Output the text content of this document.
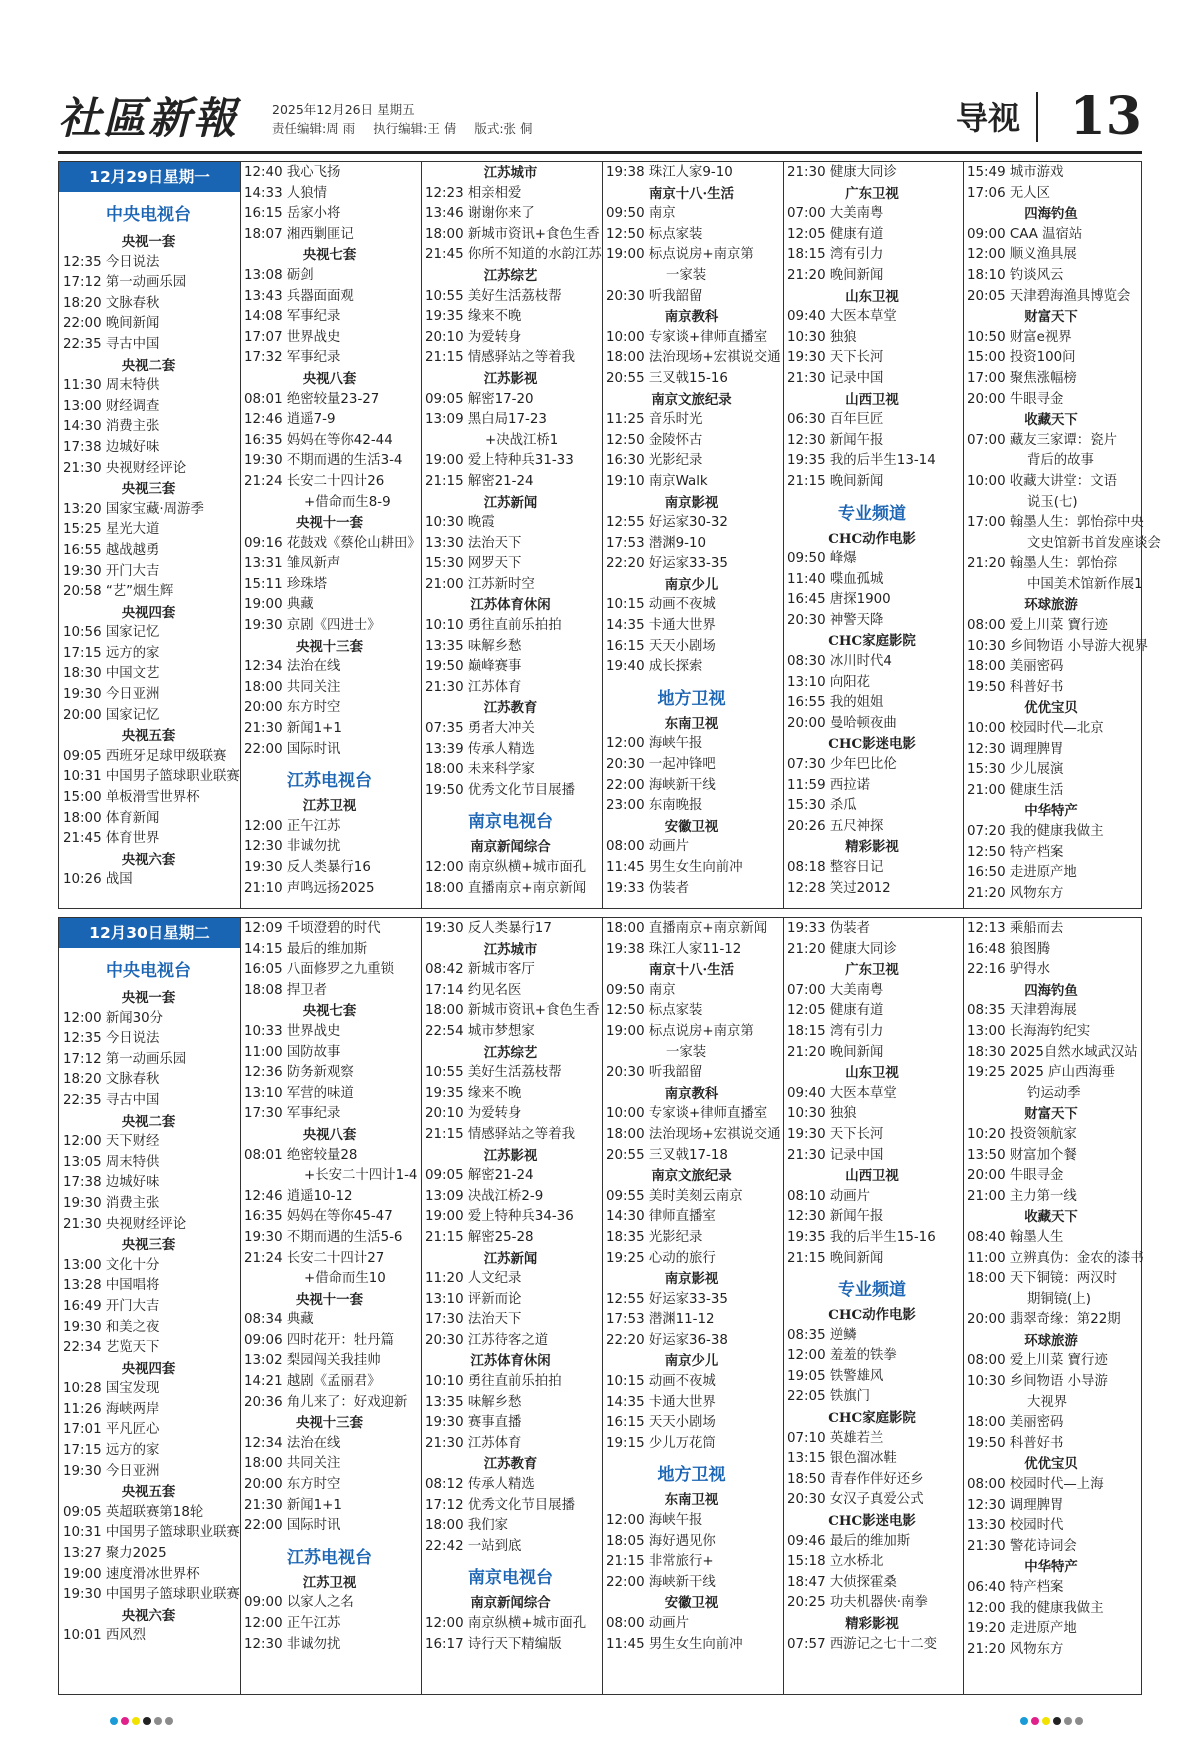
社區新報	2025年12月26日 星期五
责任编辑:周 雨 执行编辑:王 倩 版式:张 侗	导视 13
12月29日星期一
中央电视台
央视一套
12:35 今日说法
17:12 第一动画乐园
18:20 文脉春秋
22:00 晚间新闻
22:35 寻古中国
央视二套
11:30 周末特供
13:00 财经调查
14:30 消费主张
17:38 边城好味
21:30 央视财经评论
央视三套
13:20 国家宝藏·周游季
15:25 星光大道
16:55 越战越勇
19:30 开门大吉
20:58 “艺”烟生辉
央视四套
10:56 国家记忆
17:15 远方的家
18:30 中国文艺
19:30 今日亚洲
20:00 国家记忆
央视五套
09:05 西班牙足球甲级联赛
10:31 中国男子篮球职业联赛
15:00 单板滑雪世界杯
18:00 体育新闻
21:45 体育世界
央视六套
10:26 战国
12:40 我心飞扬
14:33 人狼情
16:15 岳家小将
18:07 湘西剿匪记
央视七套
13:08 砺剑
13:43 兵器面面观
14:08 军事纪录
17:07 世界战史
17:32 军事纪录
央视八套
08:01 绝密较量23-27
12:46 逍遥7-9
16:35 妈妈在等你42-44
19:30 不期而遇的生活3-4
21:24 长安二十四计26
+借命而生8-9
央视十一套
09:16 花鼓戏《蔡伦山耕田》
13:31 雏凤新声
15:11 珍珠塔
19:00 典藏
19:30 京剧《四进士》
央视十三套
12:34 法治在线
18:00 共同关注
20:00 东方时空
21:30 新闻1+1
22:00 国际时讯
江苏电视台
江苏卫视
12:00 正午江苏
12:30 非诚勿扰
19:30 反人类暴行16
21:10 声鸣远扬2025
江苏城市
12:23 相亲相爱
13:46 谢谢你来了
18:00 新城市资讯+食色生香
21:45 你所不知道的水韵江苏
江苏综艺
10:55 美好生活荔枝帮
19:35 缘来不晚
20:10 为爱转身
21:15 情感驿站之等着我
江苏影视
09:05 解密17-20
13:09 黑白局17-23
+决战江桥1
19:00 爱上特种兵31-33
21:15 解密21-24
江苏新闻
10:30 晚霞
13:30 法治天下
15:30 网罗天下
21:00 江苏新时空
江苏体育休闲
10:10 勇往直前乐拍拍
13:35 味解乡愁
19:50 巅峰赛事
21:30 江苏体育
江苏教育
07:35 勇者大冲关
13:39 传承人精选
18:00 未来科学家
19:50 优秀文化节目展播
南京电视台
南京新闻综合
12:00 南京纵横+城市面孔
18:00 直播南京+南京新闻
19:38 珠江人家9-10
南京十八·生活
09:50 南京
12:50 标点家装
19:00 标点说房+南京第
一家装
20:30 听我韶留
南京教科
10:00 专家谈+律师直播室
18:00 法治现场+宏祺说交通
20:55 三叉戟15-16
南京文旅纪录
11:25 音乐时光
12:50 金陵怀古
16:30 光影纪录
19:10 南京Walk
南京影视
12:55 好运家30-32
17:53 潜渊9-10
22:20 好运家33-35
南京少儿
10:15 动画不夜城
14:35 卡通大世界
16:15 天天小剧场
19:40 成长探索
地方卫视
东南卫视
12:00 海峡午报
20:30 一起冲锋吧
22:00 海峡新干线
23:00 东南晚报
安徽卫视
08:00 动画片
11:45 男生女生向前冲
19:33 伪装者
21:30 健康大同诊
广东卫视
07:00 大美南粤
12:05 健康有道
18:15 湾有引力
21:20 晚间新闻
山东卫视
09:40 大医本草堂
10:30 独狼
19:30 天下长河
21:30 记录中国
山西卫视
06:30 百年巨匠
12:30 新闻午报
19:35 我的后半生13-14
21:15 晚间新闻
专业频道
CHC动作电影
09:50 峰爆
11:40 喋血孤城
16:45 唐探1900
20:30 神警天降
CHC家庭影院
08:30 冰川时代4
13:10 向阳花
16:55 我的姐姐
20:00 曼哈顿夜曲
CHC影迷电影
07:30 少年巴比伦
11:59 西拉诺
15:30 杀瓜
20:26 五尺神探
精彩影视
08:18 整容日记
12:28 笑过2012
15:49 城市游戏
17:06 无人区
四海钓鱼
09:00 CAA 温宿站
12:00 顺义渔具展
18:10 钓谈风云
20:05 天津碧海渔具博览会
财富天下
10:50 财富e视界
15:00 投资100问
17:00 聚焦涨幅榜
20:00 牛眼寻金
收藏天下
07:00 藏友三家谭：瓷片
背后的故事
10:00 收藏大讲堂：文语
说玉(七)
17:00 翰墨人生：郭怡孮中央
文史馆新书首发座谈会
21:20 翰墨人生：郭怡孮
中国美术馆新作展1
环球旅游
08:00 爱上川菜 寶行迹
10:30 乡间物语 小导游大视界
18:00 美丽密码
19:50 科普好书
优优宝贝
10:00 校园时代—北京
12:30 调理脾胃
15:30 少儿展演
21:00 健康生活
中华特产
07:20 我的健康我做主
12:50 特产档案
16:50 走进原产地
21:20 风物东方
12月30日星期二
中央电视台
央视一套
12:00 新闻30分
12:35 今日说法
17:12 第一动画乐园
18:20 文脉春秋
22:35 寻古中国
央视二套
12:00 天下财经
13:05 周末特供
17:38 边城好味
19:30 消费主张
21:30 央视财经评论
央视三套
13:00 文化十分
13:28 中国唱将
16:49 开门大吉
19:30 和美之夜
22:34 艺览天下
央视四套
10:28 国宝发现
11:26 海峡两岸
17:01 平凡匠心
17:15 远方的家
19:30 今日亚洲
央视五套
09:05 英超联赛第18轮
10:31 中国男子篮球职业联赛
13:27 聚力2025
19:00 速度滑冰世界杯
19:30 中国男子篮球职业联赛
央视六套
10:01 西风烈
12:09 千顷澄碧的时代
14:15 最后的维加斯
16:05 八面修罗之九重锁
18:08 捍卫者
央视七套
10:33 世界战史
11:00 国防故事
12:36 防务新观察
13:10 军营的味道
17:30 军事纪录
央视八套
08:01 绝密较量28
+长安二十四计1-4
12:46 逍遥10-12
16:35 妈妈在等你45-47
19:30 不期而遇的生活5-6
21:24 长安二十四计27
+借命而生10
央视十一套
08:34 典藏
09:06 四时花开：牡丹篇
13:02 梨园闯关我挂帅
14:21 越剧《孟丽君》
20:36 角儿来了：好戏迎新
央视十三套
12:34 法治在线
18:00 共同关注
20:00 东方时空
21:30 新闻1+1
22:00 国际时讯
江苏电视台
江苏卫视
09:00 以家人之名
12:00 正午江苏
12:30 非诚勿扰
19:30 反人类暴行17
江苏城市
08:42 新城市客厅
17:14 约见名医
18:00 新城市资讯+食色生香
22:54 城市梦想家
江苏综艺
10:55 美好生活荔枝帮
19:35 缘来不晚
20:10 为爱转身
21:15 情感驿站之等着我
江苏影视
09:05 解密21-24
13:09 决战江桥2-9
19:00 爱上特种兵34-36
21:15 解密25-28
江苏新闻
11:20 人文纪录
13:10 评新而论
17:30 法治天下
20:30 江苏待客之道
江苏体育休闲
10:10 勇往直前乐拍拍
13:35 味解乡愁
19:30 赛事直播
21:30 江苏体育
江苏教育
08:12 传承人精选
17:12 优秀文化节目展播
18:00 我们家
22:42 一站到底
南京电视台
南京新闻综合
12:00 南京纵横+城市面孔
16:17 诗行天下精编版
18:00 直播南京+南京新闻
19:38 珠江人家11-12
南京十八·生活
09:50 南京
12:50 标点家装
19:00 标点说房+南京第
一家装
20:30 听我韶留
南京教科
10:00 专家谈+律师直播室
18:00 法治现场+宏祺说交通
20:55 三叉戟17-18
南京文旅纪录
09:55 美时美刻云南京
14:30 律师直播室
18:35 光影纪录
19:25 心动的旅行
南京影视
12:55 好运家33-35
17:53 潜渊11-12
22:20 好运家36-38
南京少儿
10:15 动画不夜城
14:35 卡通大世界
16:15 天天小剧场
19:15 少儿万花筒
地方卫视
东南卫视
12:00 海峡午报
18:05 海好遇见你
21:15 非常旅行+
22:00 海峡新干线
安徽卫视
08:00 动画片
11:45 男生女生向前冲
19:33 伪装者
21:20 健康大同诊
广东卫视
07:00 大美南粤
12:05 健康有道
18:15 湾有引力
21:20 晚间新闻
山东卫视
09:40 大医本草堂
10:30 独狼
19:30 天下长河
21:30 记录中国
山西卫视
08:10 动画片
12:30 新闻午报
19:35 我的后半生15-16
21:15 晚间新闻
专业频道
CHC动作电影
08:35 逆鳞
12:00 羞羞的铁拳
19:05 铁警雄风
22:05 铁旗门
CHC家庭影院
07:10 英雄若兰
13:15 银色溜冰鞋
18:50 青春作伴好还乡
20:30 女汉子真爱公式
CHC影迷电影
09:46 最后的维加斯
15:18 立水桥北
18:47 大侦探霍桑
20:25 功夫机器侠·南拳
精彩影视
07:57 西游记之七十二变
12:13 乘船而去
16:48 狼图腾
22:16 驴得水
四海钓鱼
08:35 天津碧海展
13:00 长海海钓纪实
18:30 2025自然水域武汉站
19:25 2025 庐山西海垂
钓运动季
财富天下
10:20 投资领航家
13:50 财富加个餐
20:00 牛眼寻金
21:00 主力第一线
收藏天下
08:40 翰墨人生
11:00 立辨真伪：金农的漆书
18:00 天下铜镜：两汉时
期铜镜(上)
20:00 翡翠奇缘：第22期
环球旅游
08:00 爱上川菜 寶行迹
10:30 乡间物语 小导游
大视界
18:00 美丽密码
19:50 科普好书
优优宝贝
08:00 校园时代—上海
12:30 调理脾胃
13:30 校园时代
21:30 警花诗词会
中华特产
06:40 特产档案
12:00 我的健康我做主
19:20 走进原产地
21:20 风物东方
